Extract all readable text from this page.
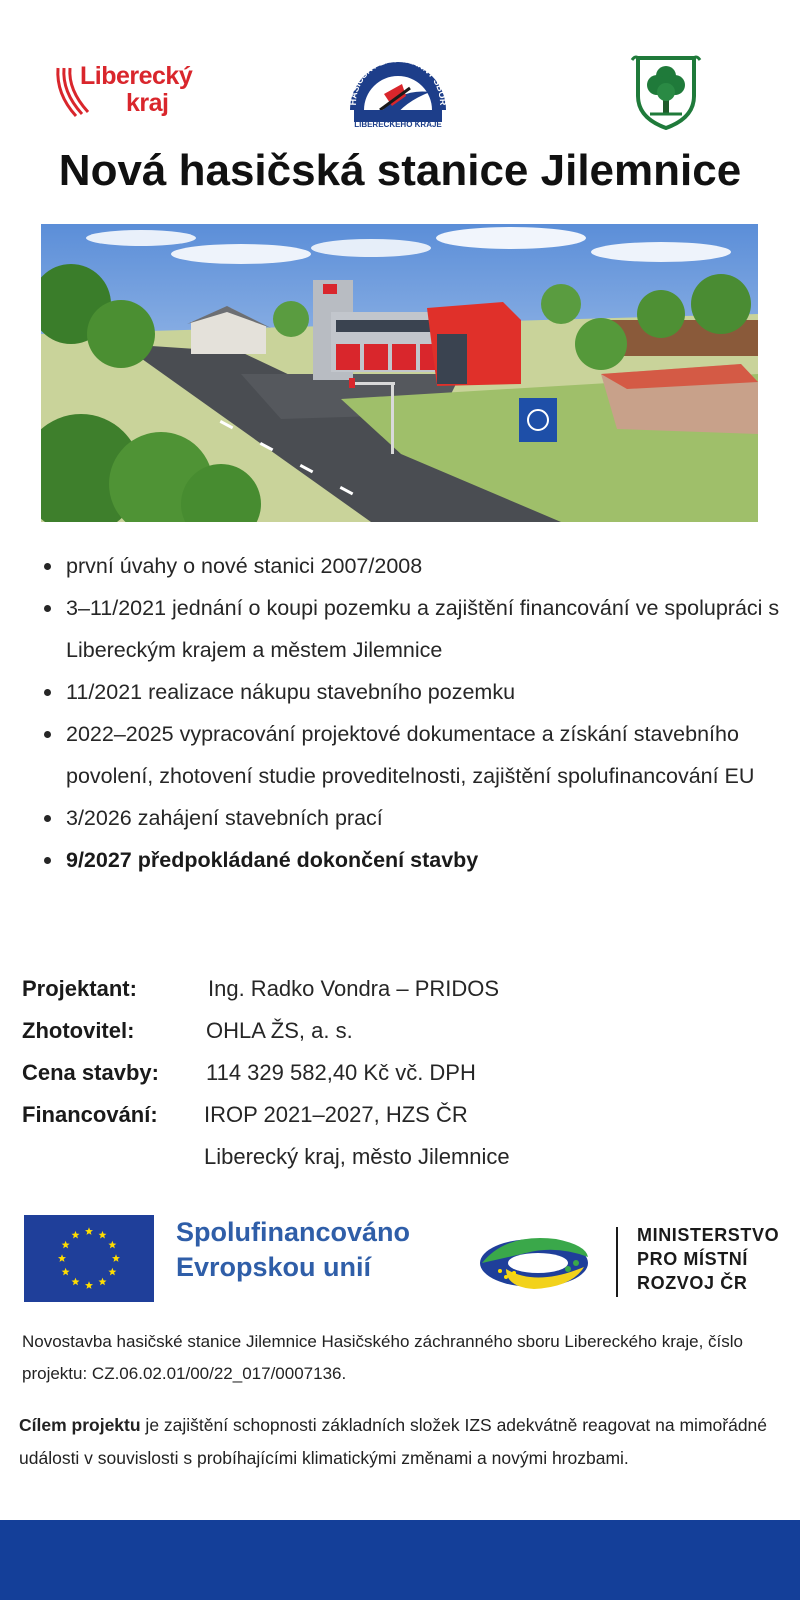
Liberecký
kraj	HASIČSKÝ ZÁCHRANNÝ SBOR
LIBERECKÉHO KRAJE
Nová hasičská stanice Jilemnice
první úvahy o nové stanici 2007/2008
3–11/2021 jednání o koupi pozemku a zajištění financování ve spolupráci s Libereckým krajem a městem Jilemnice
11/2021 realizace nákupu stavebního pozemku
2022–2025 vypracování projektové dokumentace a získání stavebního povolení, zhotovení studie proveditelnosti, zajištění spolufinancování EU
3/2026 zahájení stavebních prací
9/2027 předpokládané dokončení stavby
Projektant:	Ing. Radko Vondra – PRIDOS
Zhotovitel:	OHLA ŽS, a. s.
Cena stavby: 114 329 582,40 Kč vč. DPH
Financování: IROP 2021–2027, HZS ČR
Liberecký kraj, město Jilemnice
Spolufinancováno
Evropskou unií
MINISTERSTVO
PRO MÍSTNÍ
ROZVOJ ČR

Novostavba hasičské stanice Jilemnice Hasičského záchranného sboru Libereckého kraje, číslo projektu: CZ.06.02.01/00/22_017/0007136.

Cílem projektu je zajištění schopnosti základních složek IZS adekvátně reagovat na mimořádné události v souvislosti s probíhajícími klimatickými změnami a novými hrozbami.
